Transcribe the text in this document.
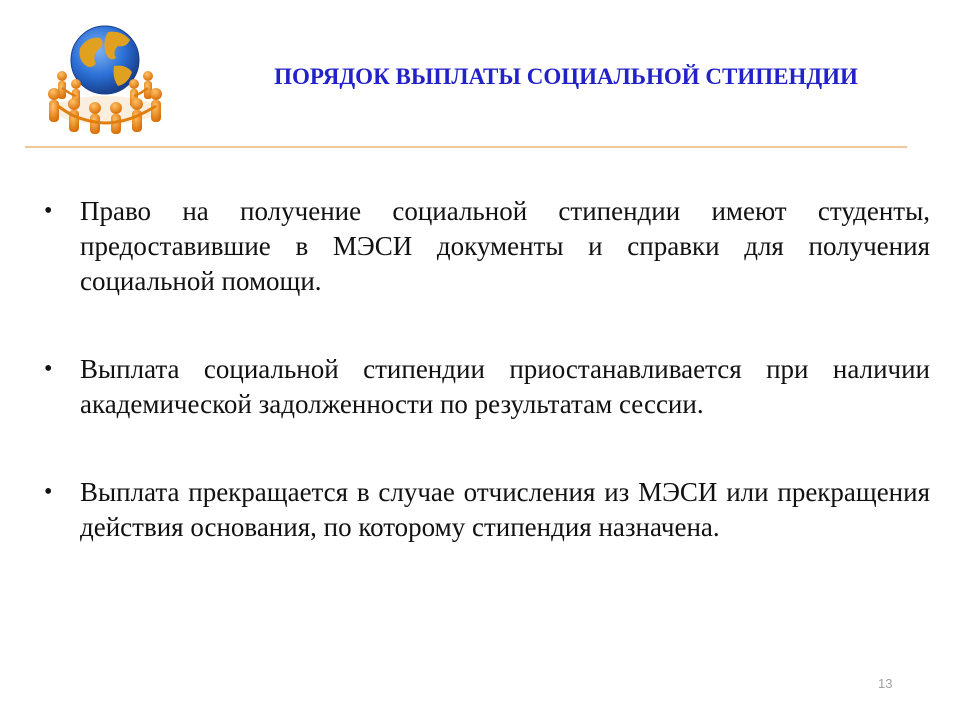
ПОРЯДОК ВЫПЛАТЫ СОЦИАЛЬНОЙ СТИПЕНДИИ
• Право на получение социальной стипендии имеют студенты, предоставившие в МЭСИ документы и справки для получения социальной помощи.
• Выплата социальной стипендии приостанавливается при наличии академической задолженности по результатам сессии.
• Выплата прекращается в случае отчисления из МЭСИ или прекращения действия основания, по которому стипендия назначена.
13
